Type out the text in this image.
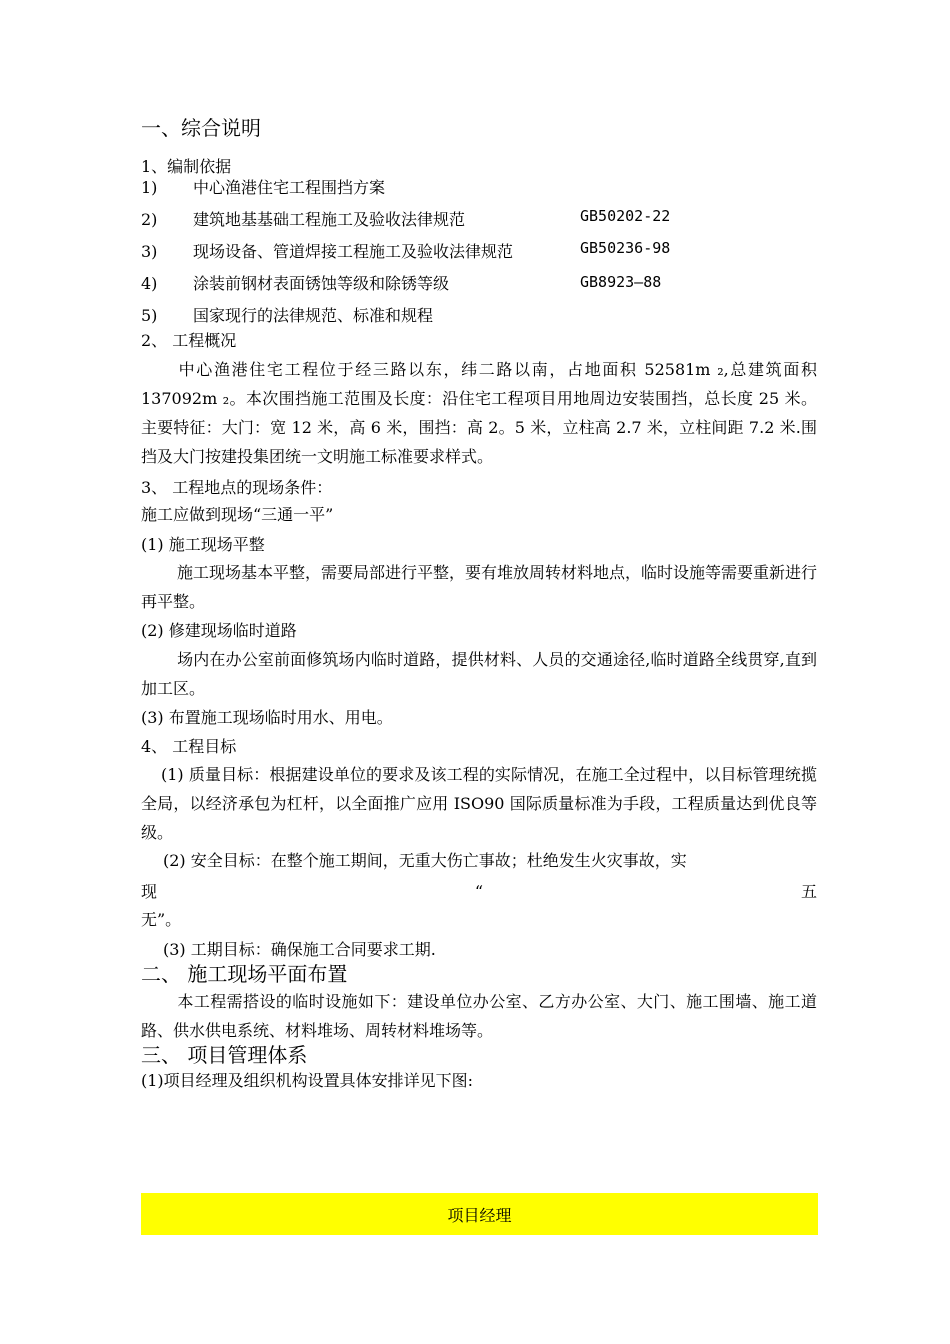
一、综合说明
1、编制依据
1) 中心渔港住宅工程围挡方案
2) 建筑地基基础工程施工及验收法律规范	GB50202-22
3) 现场设备、管道焊接工程施工及验收法律规范	GB50236-98
4) 涂装前钢材表面锈蚀等级和除锈等级	GB8923—88
5) 国家现行的法律规范、标准和规程
2、 工程概况
中心渔港住宅工程位于经三路以东，纬二路以南，占地面积 52581m ₂,总建筑面积 137092m ₂。本次围挡施工范围及长度：沿住宅工程项目用地周边安装围挡，总长度 25 米。主要特征：大门：宽 12 米，高 6 米，围挡：高 2。5 米，立柱高 2.7 米，立柱间距 7.2 米.围挡及大门按建投集团统一文明施工标准要求样式。
3、 工程地点的现场条件：
施工应做到现场“三通一平”
(1) 施工现场平整
施工现场基本平整，需要局部进行平整，要有堆放周转材料地点，临时设施等需要重新进行再平整。
(2) 修建现场临时道路
场内在办公室前面修筑场内临时道路，提供材料、人员的交通途径,临时道路全线贯穿,直到加工区。
(3) 布置施工现场临时用水、用电。
4、 工程目标
(1) 质量目标：根据建设单位的要求及该工程的实际情况，在施工全过程中，以目标管理统揽全局，以经济承包为杠杆，以全面推广应用 ISO90 国际质量标准为手段，工程质量达到优良等级。
(2) 安全目标：在整个施工期间，无重大伤亡事故；杜绝发生火灾事故，实
现	“	五
无”。
(3) 工期目标：确保施工合同要求工期.
二、 施工现场平面布置
本工程需搭设的临时设施如下：建设单位办公室、乙方办公室、大门、施工围墙、施工道路、供水供电系统、材料堆场、周转材料堆场等。
三、 项目管理体系
(1)项目经理及组织机构设置具体安排详见下图:
项目经理
